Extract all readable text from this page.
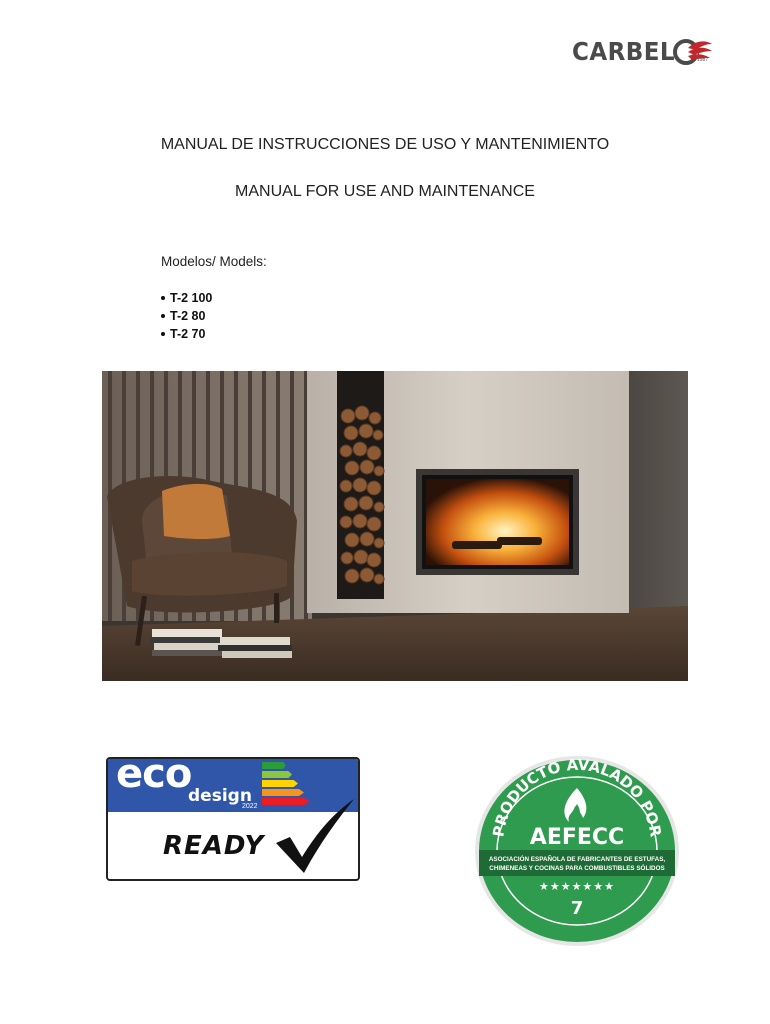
CARBEL	1987
MANUAL DE INSTRUCCIONES DE USO Y MANTENIMIENTO
MANUAL FOR USE AND MAINTENANCE
Modelos/ Models:
T-2 100
T-2 80
T-2 70
eco
design
2022
READY	PRODUCTO AVALADO POR
AEFECC
ASOCIACIÓN ESPAÑOLA DE FABRICANTES DE ESTUFAS,
CHIMENEAS Y COCINAS PARA COMBUSTIBLES SÓLIDOS
★★★★★★★
7
